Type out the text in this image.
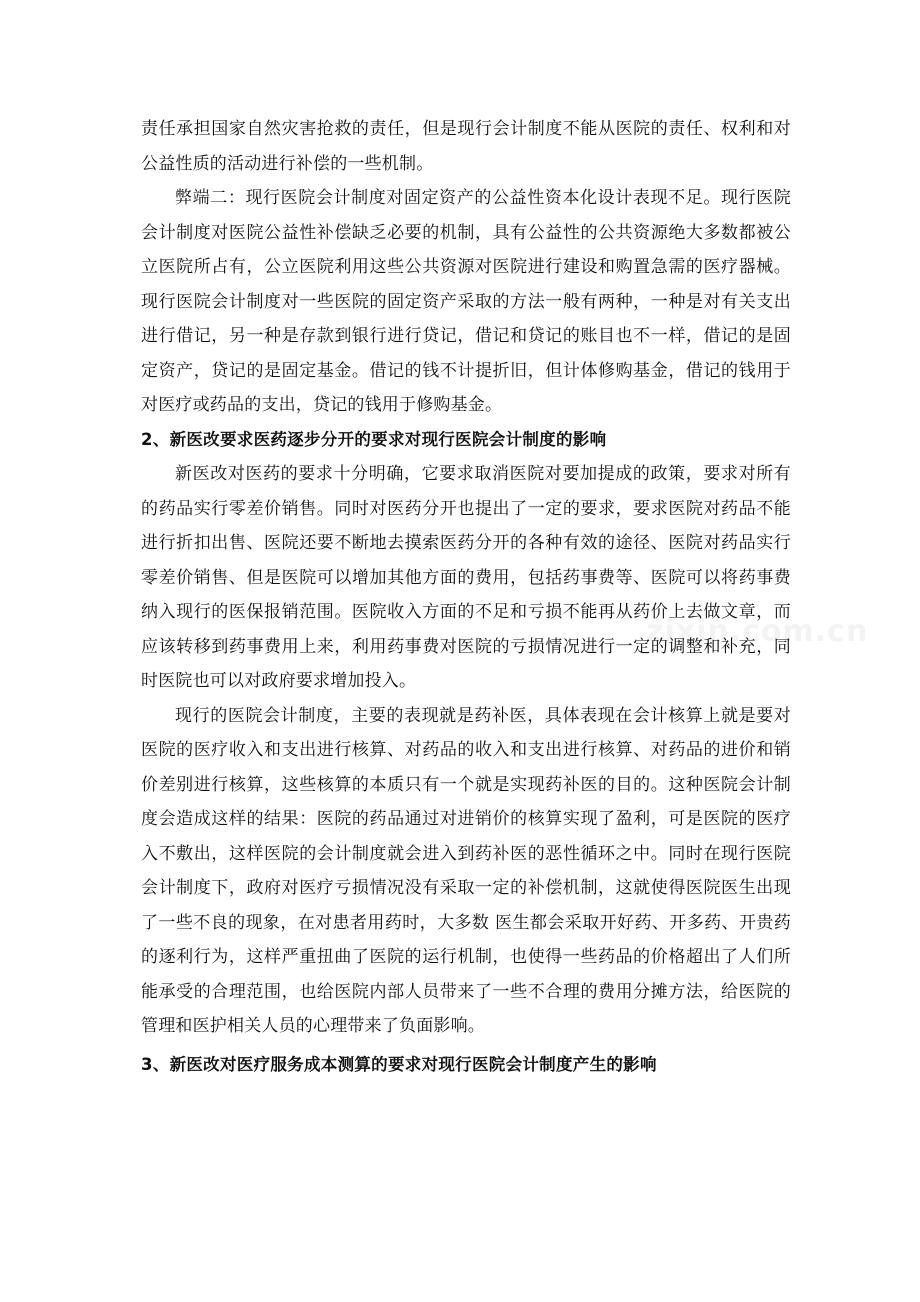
责任承担国家自然灾害抢救的责任，但是现行会计制度不能从医院的责任、权利和对公益性质的活动进行补偿的一些机制。

弊端二：现行医院会计制度对固定资产的公益性资本化设计表现不足。现行医院会计制度对医院公益性补偿缺乏必要的机制，具有公益性的公共资源绝大多数都被公立医院所占有，公立医院利用这些公共资源对医院进行建设和购置急需的医疗器械。现行医院会计制度对一些医院的固定资产采取的方法一般有两种，一种是对有关支出进行借记，另一种是存款到银行进行贷记，借记和贷记的账目也不一样，借记的是固定资产，贷记的是固定基金。借记的钱不计提折旧，但计体修购基金，借记的钱用于对医疗或药品的支出，贷记的钱用于修购基金。

2、新医改要求医药逐步分开的要求对现行医院会计制度的影响

新医改对医药的要求十分明确，它要求取消医院对要加提成的政策，要求对所有的药品实行零差价销售。同时对医药分开也提出了一定的要求，要求医院对药品不能进行折扣出售、医院还要不断地去摸索医药分开的各种有效的途径、医院对药品实行零差价销售、但是医院可以增加其他方面的费用，包括药事费等、医院可以将药事费纳入现行的医保报销范围。医院收入方面的不足和亏损不能再从药价上去做文章，而应该转移到药事费用上来，利用药事费对医院的亏损情况进行一定的调整和补充，同时医院也可以对政府要求增加投入。

现行的医院会计制度，主要的表现就是药补医，具体表现在会计核算上就是要对医院的医疗收入和支出进行核算、对药品的收入和支出进行核算、对药品的进价和销价差别进行核算，这些核算的本质只有一个就是实现药补医的目的。这种医院会计制度会造成这样的结果：医院的药品通过对进销价的核算实现了盈利，可是医院的医疗入不敷出，这样医院的会计制度就会进入到药补医的恶性循环之中。同时在现行医院会计制度下，政府对医疗亏损情况没有采取一定的补偿机制，这就使得医院医生出现了一些不良的现象，在对患者用药时，大多数 医生都会采取开好药、开多药、开贵药的逐利行为，这样严重扭曲了医院的运行机制，也使得一些药品的价格超出了人们所能承受的合理范围，也给医院内部人员带来了一些不合理的费用分摊方法，给医院的管理和医护相关人员的心理带来了负面影响。

3、新医改对医疗服务成本测算的要求对现行医院会计制度产生的影响
